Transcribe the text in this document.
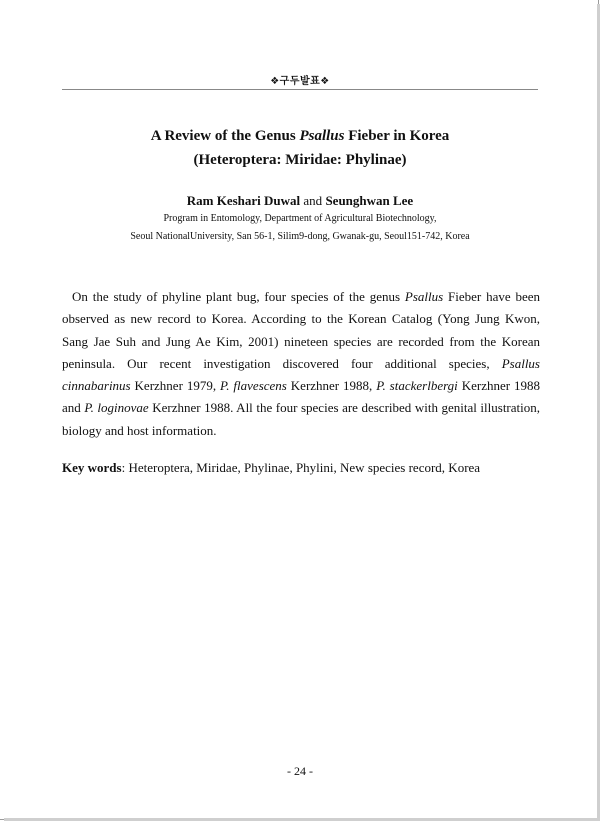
❖구두발표❖
A Review of the Genus Psallus Fieber in Korea
(Heteroptera: Miridae: Phylinae)
Ram Keshari Duwal and Seunghwan Lee
Program in Entomology, Department of Agricultural Biotechnology,
Seoul NationalUniversity, San 56-1, Silim9-dong, Gwanak-gu, Seoul151-742, Korea

On the study of phyline plant bug, four species of the genus Psallus Fieber have been observed as new record to Korea. According to the Korean Catalog (Yong Jung Kwon, Sang Jae Suh and Jung Ae Kim, 2001) nineteen species are recorded from the Korean peninsula. Our recent investigation discovered four additional species, Psallus cinnabarinus Kerzhner 1979, P. flavescens Kerzhner 1988, P. stackerlbergi Kerzhner 1988 and P. loginovae Kerzhner 1988. All the four species are described with genital illustration, biology and host information.

Key words: Heteroptera, Miridae, Phylinae, Phylini, New species record, Korea
- 24 -
